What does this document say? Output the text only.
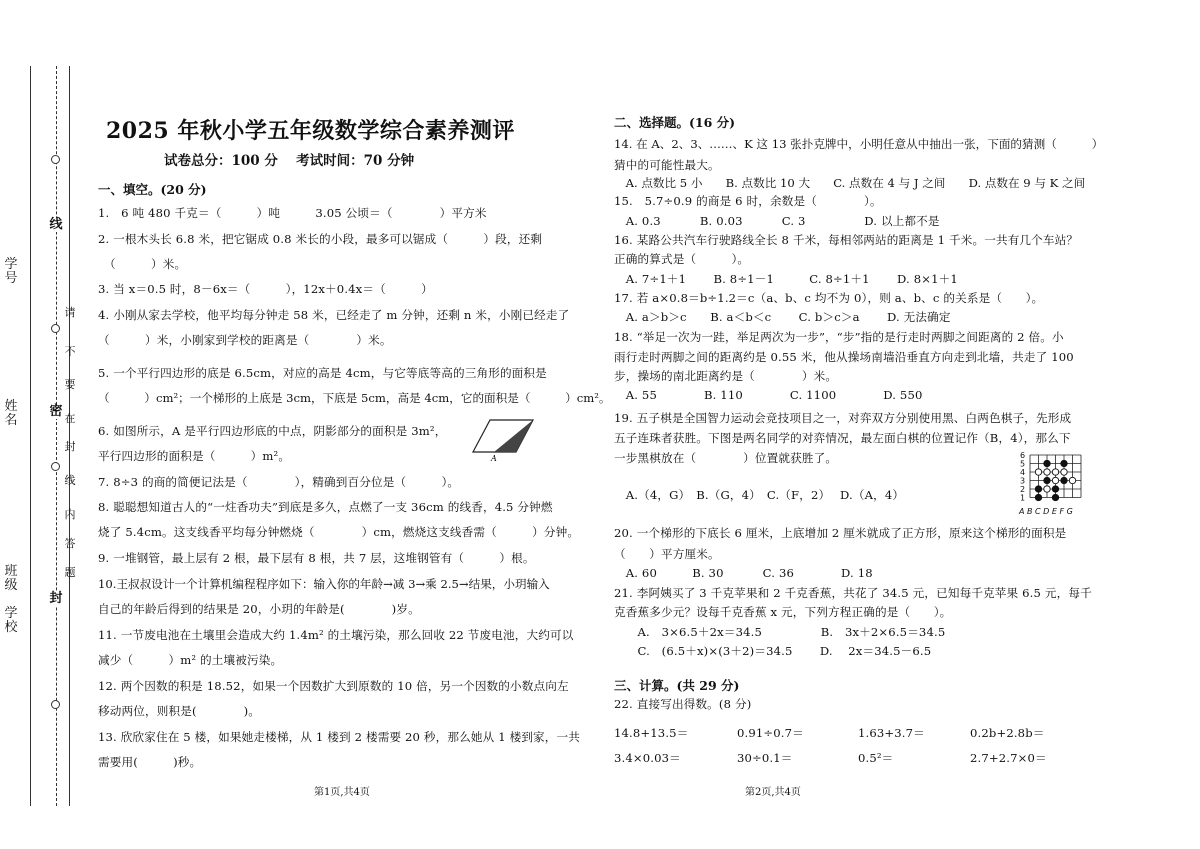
学号
姓名
班级
学校
线
请
不
要
在
密
封
线
内
答
题
封
2025 年秋小学五年级数学综合素养测评
试卷总分：100 分　 考试时间：70 分钟
一、填空。(20 分)
1.　6 吨 480 千克＝（　　　）吨　　　3.05 公顷＝（　　　　）平方米
2. 一根木头长 6.8 米，把它锯成 0.8 米长的小段，最多可以锯成（　　　）段，还剩
（　　　）米。
3. 当 x＝0.5 时，8－6x＝（　　　），12x＋0.4x＝（　　　）
4. 小刚从家去学校，他平均每分钟走 58 米，已经走了 m 分钟，还剩 n 米，小刚已经走了
（　　　）米，小刚家到学校的距离是（　　　　）米。
5. 一个平行四边形的底是 6.5cm，对应的高是 4cm，与它等底等高的三角形的面积是
（　　　）cm²；一个梯形的上底是 3cm，下底是 5cm，高是 4cm，它的面积是（　　　）cm²。
6. 如图所示，A 是平行四边形底的中点，阴影部分的面积是 3m²，
平行四边形的面积是（　　　）m²。
7. 8÷3 的商的简便记法是（　　　　），精确到百分位是（　　　）。
8. 聪聪想知道古人的“一炷香功夫”到底是多久，点燃了一支 36cm 的线香，4.5 分钟燃
烧了 5.4cm。这支线香平均每分钟燃烧（　　　　）cm，燃烧这支线香需（　　　）分钟。
9. 一堆钢管，最上层有 2 根，最下层有 8 根，共 7 层，这堆钢管有（　　　）根。
10.王叔叔设计一个计算机编程程序如下：输入你的年龄→减 3→乘 2.5→结果，小玥输入
自己的年龄后得到的结果是 20，小玥的年龄是(　　　　)岁。
11. 一节废电池在土壤里会造成大约 1.4m² 的土壤污染，那么回收 22 节废电池，大约可以
减少（　　　）m² 的土壤被污染。
12. 两个因数的积是 18.52，如果一个因数扩大到原数的 10 倍，另一个因数的小数点向左
移动两位，则积是(　　　　)。
13. 欣欣家住在 5 楼，如果她走楼梯，从 1 楼到 2 楼需要 20 秒，那么她从 1 楼到家，一共
需要用(　　　)秒。
A
第1页,共4页
二、选择题。(16 分)
14. 在 A、2、3、……、K 这 13 张扑克牌中，小明任意从中抽出一张，下面的猜测（　　　）
猜中的可能性最大。
　A. 点数比 5 小　　B. 点数比 10 大　　C. 点数在 4 与 J 之间　　D. 点数在 9 与 K 之间
15.　5.7÷0.9 的商是 6 时，余数是（　　　　）。
　A. 0.3　　　 B. 0.03　　　 C. 3　　　　　D. 以上都不是
16. 某路公共汽车行驶路线全长 8 千米，每相邻两站的距离是 1 千米。一共有几个车站？
正确的算式是（　　　）。
　A. 7÷1＋1　　 B. 8÷1－1　　　C. 8÷1＋1　　 D. 8×1＋1
17. 若 a×0.8＝b÷1.2＝c（a、b、c 均不为 0），则 a、b、c 的关系是（　　）。
　A. a＞b＞c　　B. a＜b＜c　　 C. b＞c＞a　　 D. 无法确定
18. “举足一次为一跬，举足两次为一步”，“步”指的是行走时两脚之间距离的 2 倍。小
雨行走时两脚之间的距离约是 0.55 米，他从操场南墙沿垂直方向走到北墙，共走了 100
步，操场的南北距离约是（　　　　）米。
　A. 55　　　　B. 110　　　　C. 1100　　　　D. 550
19. 五子棋是全国智力运动会竞技项目之一，对弈双方分别使用黑、白两色棋子，先形成
五子连珠者获胜。下图是两名同学的对弈情况，最左面白棋的位置记作（B，4），那么下
一步黑棋放在（　　　　）位置就获胜了。
　A.（4，G）　B.（G，4）　C.（F，2）　 D.（A，4）
20. 一个梯形的下底长 6 厘米，上底增加 2 厘米就成了正方形，原来这个梯形的面积是
（　　）平方厘米。
　A. 60　　　B. 30　　　 C. 36　　　　D. 18
21. 李阿姨买了 3 千克苹果和 2 千克香蕉，共花了 34.5 元，已知每千克苹果 6.5 元，每千
克香蕉多少元？设每千克香蕉 x 元，下列方程正确的是（　　）。
　　A.　3×6.5＋2x＝34.5　　　　　B.　3x＋2×6.5＝34.5
　　C.　(6.5＋x)×(3＋2)＝34.5　　 D.　 2x＝34.5－6.5
6
5
4
3
2
1
A B C D E F G
三、计算。(共 29 分)
22. 直接写出得数。(8 分)
14.8+13.5＝	0.91÷0.7＝	1.63+3.7＝	0.2b+2.8b＝
3.4×0.03＝	30÷0.1＝	0.5²＝	2.7+2.7×0＝
第2页,共4页
